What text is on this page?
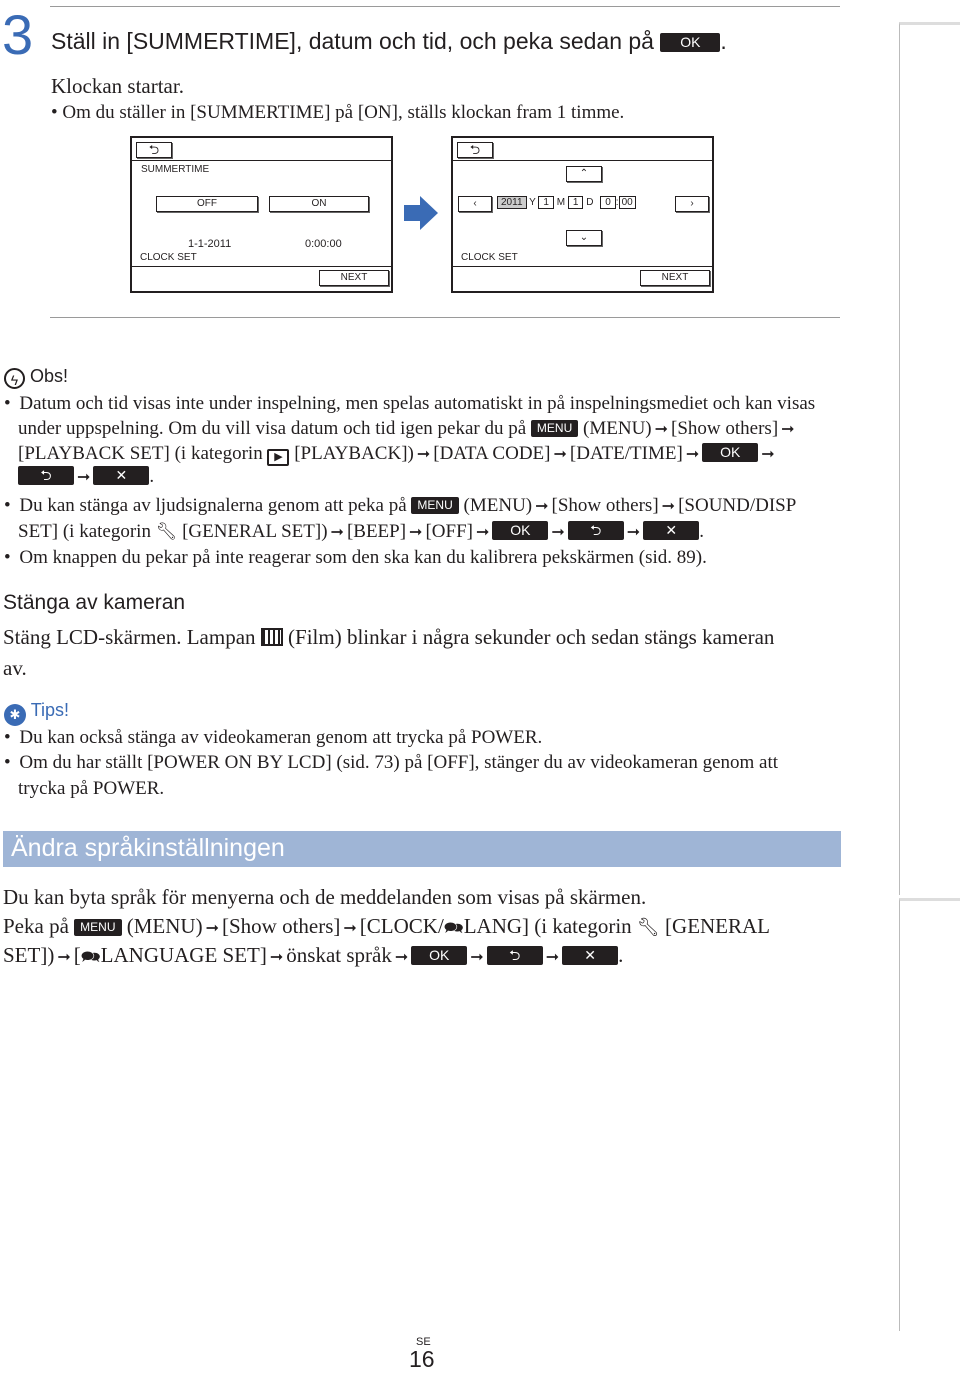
3 Ställ in [SUMMERTIME], datum och tid, och peka sedan på OK .
Klockan startar.
• Om du ställer in [SUMMERTIME] på [ON], ställs klockan fram 1 timme.
⮌
SUMMERTIME
OFF	ON
1-1-2011	0:00:00
CLOCK SET
NEXT
⮌
⌃
‹	2011 Y 1 M 1 D 0 : 00	›
⌄
CLOCK SET
NEXT
ϟ Obs!
• Datum och tid visas inte under inspelning, men spelas automatiskt in på inspelningsmediet och kan visas
under uppspelning. Om du vill visa datum och tid igen pekar du på MENU (MENU) ➞ [Show others] ➞
[PLAYBACK SET] (i kategorin ▶ [PLAYBACK]) ➞ [DATA CODE] ➞ [DATE/TIME] ➞ OK ➞
⮌ ➞ ✕ .
• Du kan stänga av ljudsignalerna genom att peka på MENU (MENU) ➞ [Show others] ➞ [SOUND/DISP
SET] (i kategorin 🔧︎ [GENERAL SET]) ➞ [BEEP] ➞ [OFF] ➞ OK ➞ ⮌ ➞ ✕ .
• Om knappen du pekar på inte reagerar som den ska kan du kalibrera pekskärmen (sid. 89).
Stänga av kameran
Stäng LCD-skärmen. Lampan (Film) blinkar i några sekunder och sedan stängs kameran
av.
✱ Tips!
• Du kan också stänga av videokameran genom att trycka på POWER.
• Om du har ställt [POWER ON BY LCD] (sid. 73) på [OFF], stänger du av videokameran genom att
trycka på POWER.
Ändra språkinställningen
Du kan byta språk för menyerna och de meddelanden som visas på skärmen.
Peka på MENU (MENU) ➞ [Show others] ➞ [CLOCK/🗪︎LANG] (i kategorin 🔧︎ [GENERAL
SET]) ➞ [🗪︎LANGUAGE SET] ➞ önskat språk ➞ OK ➞ ⮌ ➞ ✕ .
SE
16
